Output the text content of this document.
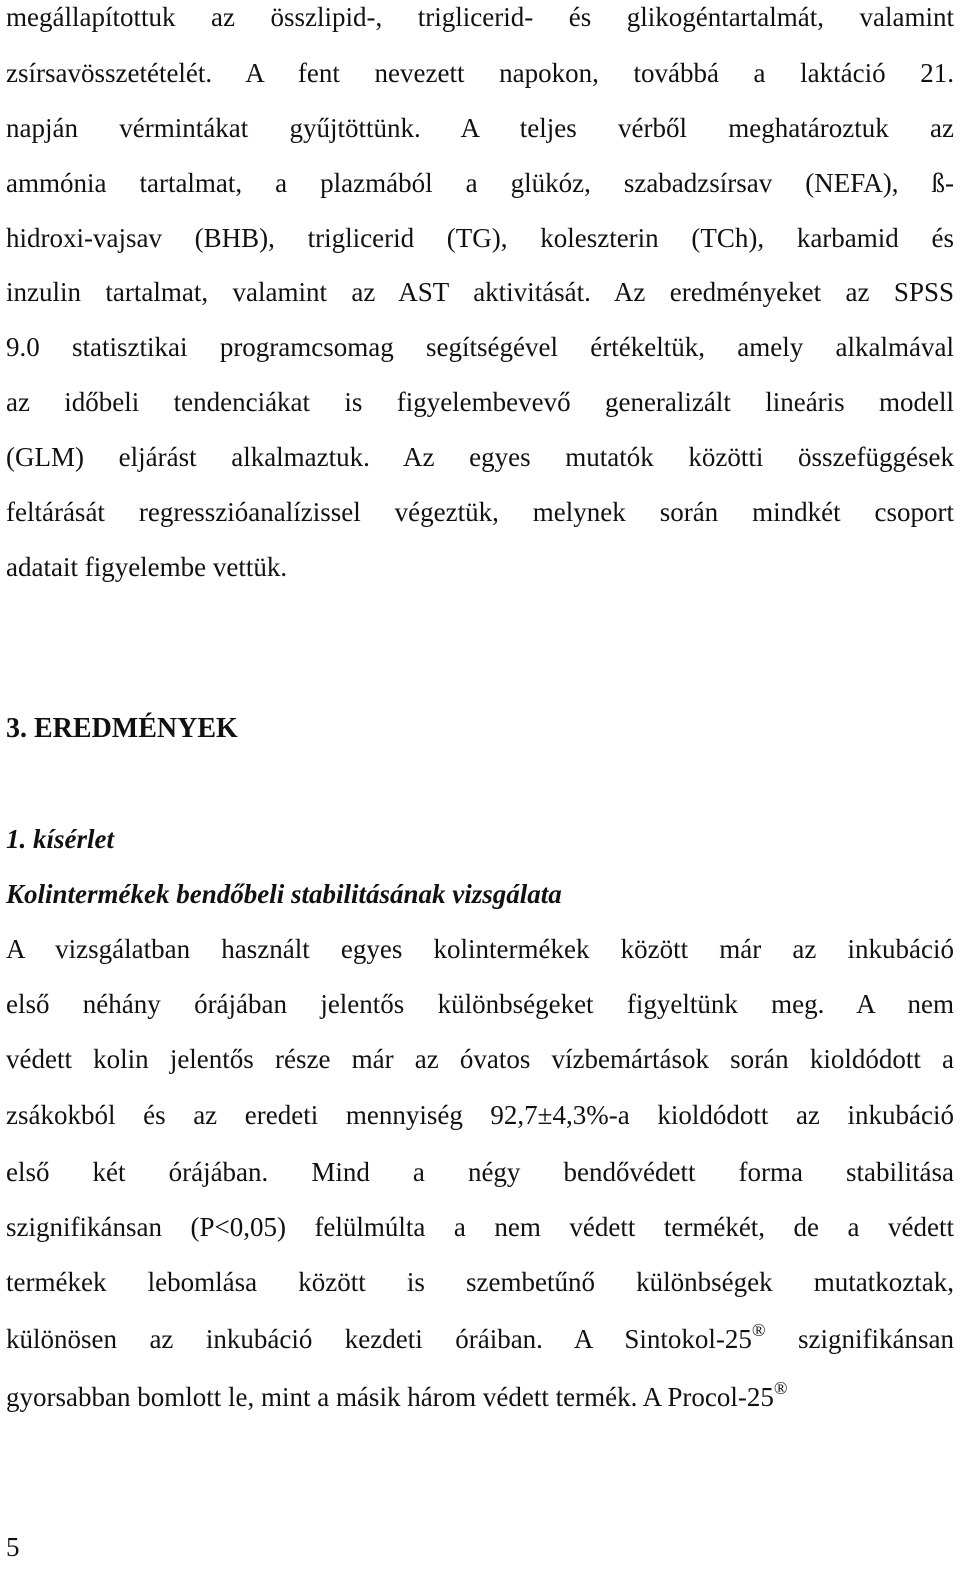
megállapítottuk az összlipid-, triglicerid- és glikogéntartalmát, valamint
zsírsavösszetételét. A fent nevezett napokon, továbbá a laktáció 21.
napján vérmintákat gyűjtöttünk. A teljes vérből meghatároztuk az
ammónia tartalmat, a plazmából a glükóz, szabadzsírsav (NEFA), ß-
hidroxi-vajsav (BHB), triglicerid (TG), koleszterin (TCh), karbamid és
inzulin tartalmat, valamint az AST aktivitását. Az eredményeket az SPSS
9.0 statisztikai programcsomag segítségével értékeltük, amely alkalmával
az időbeli tendenciákat is figyelembevevő generalizált lineáris modell
(GLM) eljárást alkalmaztuk. Az egyes mutatók közötti összefüggések
feltárását regresszióanalízissel végeztük, melynek során mindkét csoport
adatait figyelembe vettük.
3. EREDMÉNYEK
1. kísérlet
Kolintermékek bendőbeli stabilitásának vizsgálata
A vizsgálatban használt egyes kolintermékek között már az inkubáció
első néhány órájában jelentős különbségeket figyeltünk meg. A nem
védett kolin jelentős része már az óvatos vízbemártások során kioldódott a
zsákokból és az eredeti mennyiség 92,7±4,3%-a kioldódott az inkubáció
első két órájában. Mind a négy bendővédett forma stabilitása
szignifikánsan (P<0,05) felülmúlta a nem védett termékét, de a védett
termékek lebomlása között is szembetűnő különbségek mutatkoztak,
különösen az inkubáció kezdeti óráiban. A Sintokol-25® szignifikánsan
gyorsabban bomlott le, mint a másik három védett termék. A Procol-25®
5
